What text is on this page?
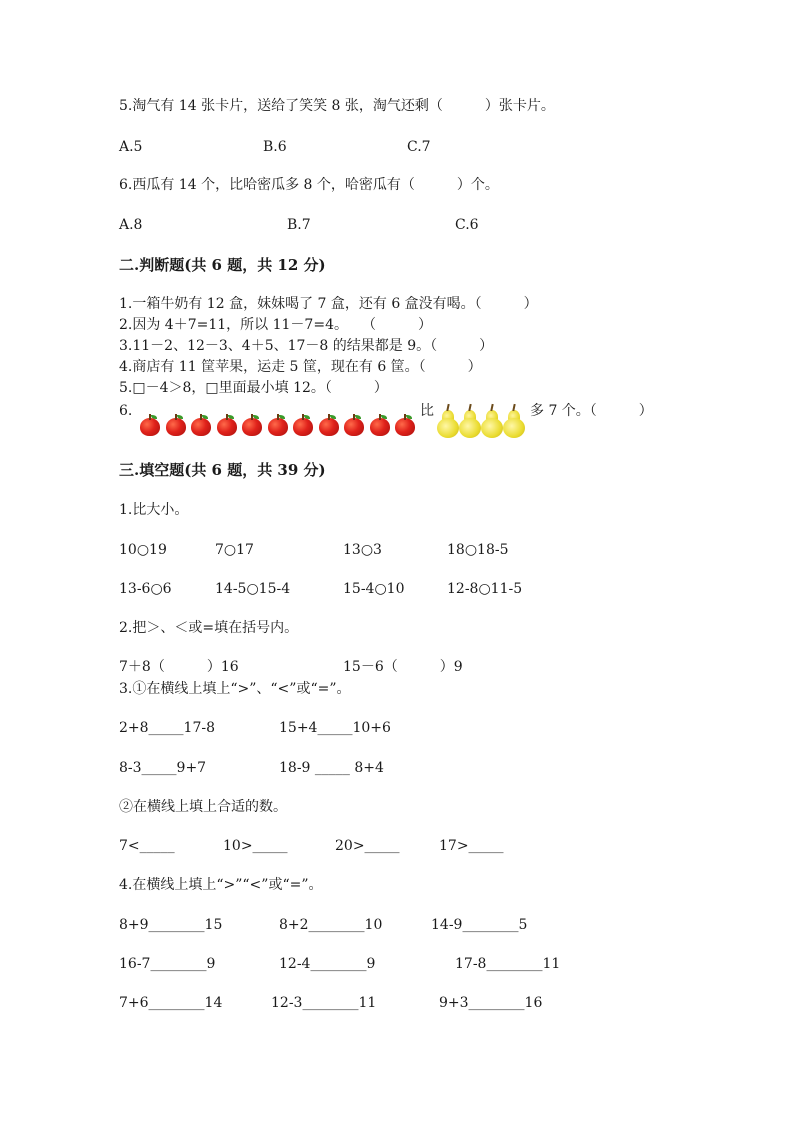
5.淘气有 14 张卡片，送给了笑笑 8 张，淘气还剩（　　　）张卡片。
A.5	B.6	C.7
6.西瓜有 14 个，比哈密瓜多 8 个，哈密瓜有（　　　）个。
A.8	B.7	C.6
二.判断题(共 6 题，共 12 分)
1.一箱牛奶有 12 盒，妹妹喝了 7 盒，还有 6 盒没有喝。（　　　）
2.因为 4＋7=11，所以 11－7=4。　　（　　　）
3.11－2、12－3、4＋5、17－8 的结果都是 9。（　　　）
4.商店有 11 筐苹果，运走 5 筐，现在有 6 筐。（　　　）
5.□－4＞8，□里面最小填 12。（　　　）
6.	比	多 7 个。（　　　）
三.填空题(共 6 题，共 39 分)
1.比大小。
10○19	7○17	13○3	18○18-5
13-6○6	14-5○15-4	15-4○10	12-8○11-5
2.把＞、＜或=填在括号内。
7＋8（　　　）16	15－6（　　　）9
3.①在横线上填上“>”、“<”或“=”。
2+8_____17-8	15+4_____10+6
8-3_____9+7	18-9 _____ 8+4
②在横线上填上合适的数。
7<_____	10>_____	20>_____	17>_____
4.在横线上填上“>”“<”或“=”。
8+9________15	8+2________10	14-9________5
16-7________9	12-4________9	17-8________11
7+6________14	12-3________11	9+3________16
